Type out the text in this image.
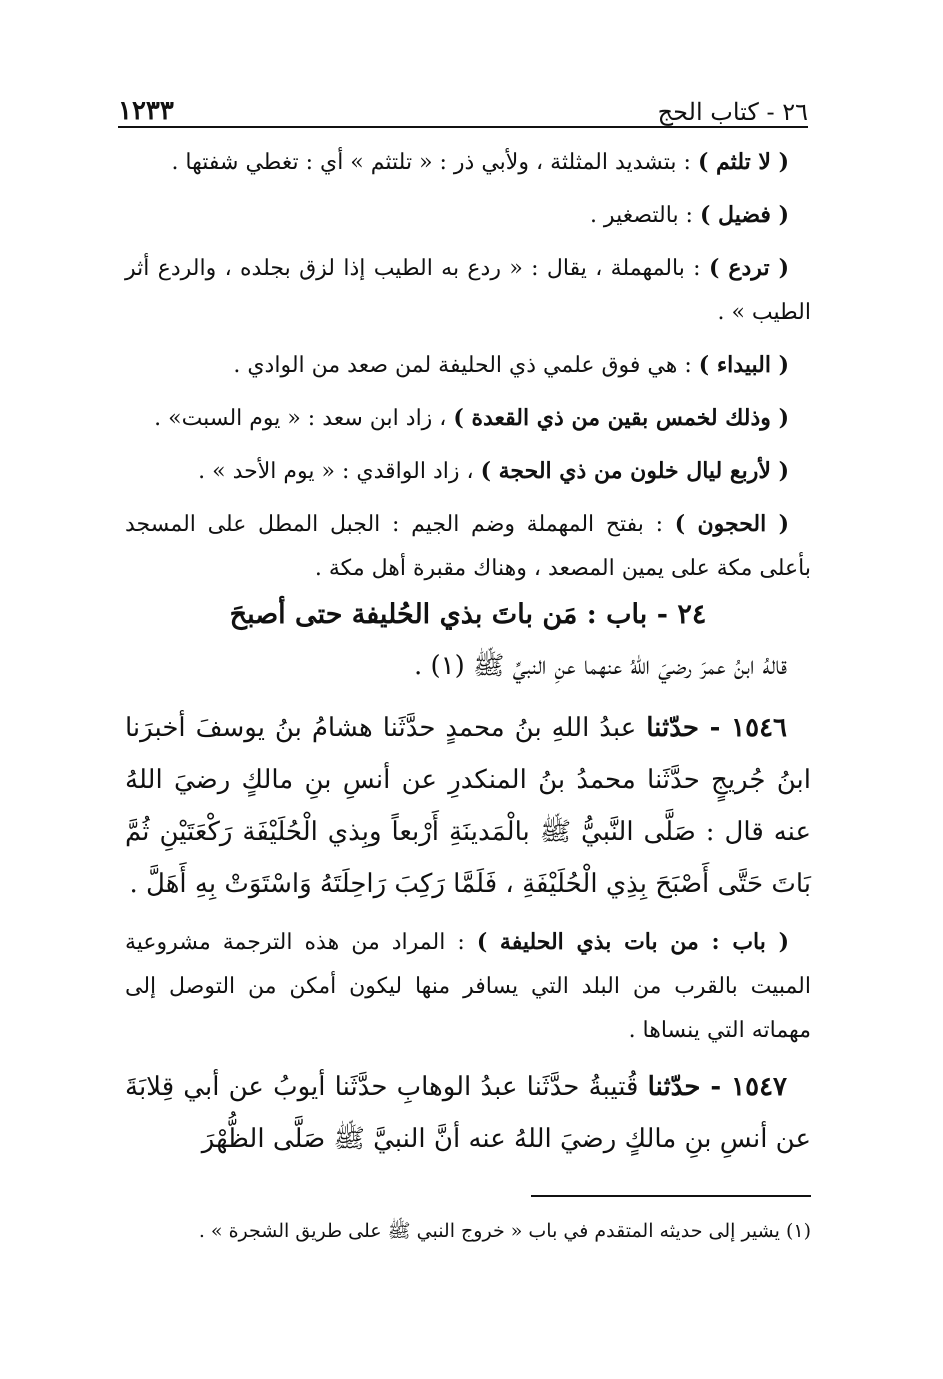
٢٦ - كتاب الحج
١٢٣٣

( لا تلثم ) : بتشديد المثلثة ، ولأبي ذر : « تلتثم » أي : تغطي شفتها .

( فضيل ) : بالتصغير .

( تردع ) : بالمهملة ، يقال : « ردع به الطيب إذا لزق بجلده ، والردع أثر الطيب » .

( البيداء ) : هي فوق علمي ذي الحليفة لمن صعد من الوادي .

( وذلك لخمس بقين من ذي القعدة ) ، زاد ابن سعد : « يوم السبت» .

( لأربع ليال خلون من ذي الحجة ) ، زاد الواقدي : « يوم الأحد » .

( الحجون ) : بفتح المهملة وضم الجيم : الجبل المطل على المسجد بأعلى مكة على يمين المصعد ، وهناك مقبرة أهل مكة .

٢٤ - باب : مَن باتَ بذي الحُليفة حتى أصبحَ

قالهُ ابنُ عمرَ رضيَ اللهُ عنهما عنِ النبيِّ ﷺ (١) .

١٥٤٦ - حدّثنا عبدُ اللهِ بنُ محمدٍ حدَّثَنا هشامُ بنُ يوسفَ أخبرَنا ابنُ جُريجٍ حدَّثَنا محمدُ بنُ المنكدرِ عن أنسِ بنِ مالكٍ رضيَ اللهُ عنه قال : صَلَّى النَّبيُّ ﷺ بالْمَدينَةِ أَرْبعاً وبِذي الْحُلَيْفَة رَكْعَتَيْنِ ثُمَّ بَاتَ حَتَّى أَصْبَحَ بِذِي الْحُلَيْفَةِ ، فَلَمَّا رَكِبَ رَاحِلَتَهُ وَاسْتَوَتْ بِهِ أَهَلَّ .

( باب : من بات بذي الحليفة ) : المراد من هذه الترجمة مشروعية المبيت بالقرب من البلد التي يسافر منها ليكون أمكن من التوصل إلى مهماته التي ينساها .

١٥٤٧ - حدّثنا قُتيبةُ حدَّثَنا عبدُ الوهابِ حدَّثَنا أيوبُ عن أبي قِلابَةَ عن أنسِ بنِ مالكٍ رضيَ اللهُ عنه أنَّ النبيَّ ﷺ صَلَّى الظُّهْرَ

(١) يشير إلى حديثه المتقدم في باب « خروج النبي ﷺ على طريق الشجرة » .
